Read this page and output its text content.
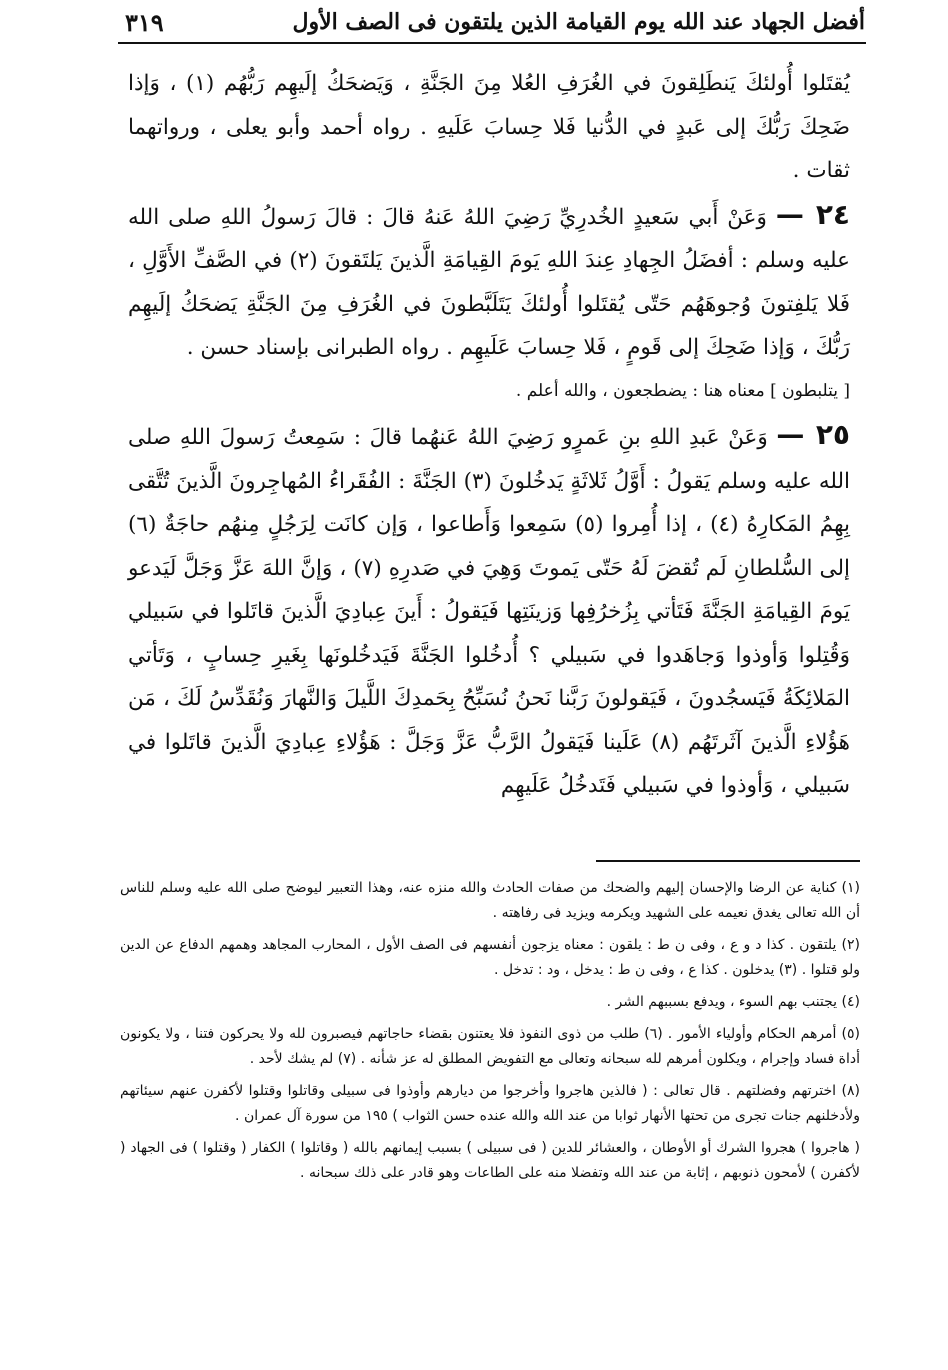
أفضل الجهاد عند الله يوم القيامة الذين يلتقون فى الصف الأول
٣١٩

يُقتَلوا أُولئكَ يَنطَلِقونَ في الغُرَفِ العُلا مِنَ الجَنَّةِ ، وَيَضحَكُ إلَيهِم رَبُّهُم (١) ، وَإذا ضَحِكَ رَبُّكَ إلى عَبدٍ في الدُّنيا فَلا حِسابَ عَلَيهِ . رواه أحمد وأبو يعلى ، ورواتهما ثقات .

٢٤ — وَعَنْ أَبي سَعيدٍ الخُدرِيِّ رَضِيَ اللهُ عَنهُ قالَ : قالَ رَسولُ اللهِ صلى الله عليه وسلم : أفضَلُ الجِهادِ عِندَ اللهِ يَومَ القِيامَةِ الَّذينَ يَلتَقونَ (٢) في الصَّفِّ الأَوَّلِ ، فَلا يَلفِتونَ وُجوهَهُم حَتّى يُقتَلوا أُولئكَ يَتَلَبَّطونَ في الغُرَفِ مِنَ الجَنَّةِ يَضحَكُ إلَيهِم رَبُّكَ ، وَإذا ضَحِكَ إلى قَومٍ ، فَلا حِسابَ عَلَيهِم . رواه الطبرانى بإسناد حسن .

[ يتلبطون ] معناه هنا : يضطجعون ، والله أعلم .

٢٥ — وَعَنْ عَبدِ اللهِ بنِ عَمرٍو رَضِيَ اللهُ عَنهُما قالَ : سَمِعتُ رَسولَ اللهِ صلى الله عليه وسلم يَقولُ : أَوَّلُ ثَلاثَةٍ يَدخُلونَ (٣) الجَنَّةَ : الفُقَراءُ المُهاجِرونَ الَّذينَ تُتَّقى بِهِمُ المَكارِهُ (٤) ، إذا أُمِروا (٥) سَمِعوا وَأَطاعوا ، وَإن كانَت لِرَجُلٍ مِنهُم حاجَةٌ (٦) إلى السُّلطانِ لَم تُقضَ لَهُ حَتّى يَموتَ وَهِيَ في صَدرِهِ (٧) ، وَإنَّ اللهَ عَزَّ وَجَلَّ لَيَدعو يَومَ القِيامَةِ الجَنَّةَ فَتَأتي بِزُخرُفِها وَزينَتِها فَيَقولُ : أَينَ عِبادِيَ الَّذينَ قاتَلوا في سَبيلي وَقُتِلوا وَأوذوا وَجاهَدوا في سَبيلي ؟ أُدخُلوا الجَنَّةَ فَيَدخُلونَها بِغَيرِ حِسابٍ ، وَتَأتي المَلائِكَةُ فَيَسجُدونَ ، فَيَقولونَ رَبَّنا نَحنُ نُسَبِّحُ بِحَمدِكَ اللَّيلَ وَالنَّهارَ وَنُقَدِّسُ لَكَ ، مَن هَؤُلاءِ الَّذينَ آثَرتَهُم (٨) عَلَينا فَيَقولُ الرَّبُّ عَزَّ وَجَلَّ : هَؤُلاءِ عِبادِيَ الَّذينَ قاتَلوا في سَبيلي ، وَأوذوا في سَبيلي فَتَدخُلُ عَلَيهِم

(١) كناية عن الرضا والإحسان إليهم والضحك من صفات الحادث والله منزه عنه، وهذا التعبير ليوضح صلى الله عليه وسلم للناس أن الله تعالى يغدق نعيمه على الشهيد ويكرمه ويزيد فى رفاهته .

(٢) يلتقون . كذا د و ع ، وفى ن ط : يلقون : معناه يزجون أنفسهم فى الصف الأول ، المحارب المجاهد وهمهم الدفاع عن الدين ولو قتلوا . (٣) يدخلون . كذا ع ، وفى ن ط : يدخل ، ود : تدخل .

(٤) يجتنب بهم السوء ، ويدفع بسببهم الشر .

(٥) أمرهم الحكام وأولياء الأمور . (٦) طلب من ذوى النفوذ فلا يعتنون بقضاء حاجاتهم فيصبرون لله ولا يحركون فتنا ، ولا يكونون أداة فساد وإجرام ، ويكلون أمرهم لله سبحانه وتعالى مع التفويض المطلق له عز شأنه . (٧) لم يشك لأحد .

(٨) اخترتهم وفضلتهم . قال تعالى : ( فالذين هاجروا وأخرجوا من ديارهم وأوذوا فى سبيلى وقاتلوا وقتلوا لأكفرن عنهم سيئاتهم ولأدخلنهم جنات تجرى من تحتها الأنهار ثوابا من عند الله والله عنده حسن الثواب ) ١٩٥ من سورة آل عمران .

( هاجروا ) هجروا الشرك أو الأوطان ، والعشائر للدين ( فى سبيلى ) بسبب إيمانهم بالله ( وقاتلوا ) الكفار ( وقتلوا ) فى الجهاد ( لأكفرن ) لأمحون ذنوبهم ، إثابة من عند الله وتفضلا منه على الطاعات وهو قادر على ذلك سبحانه .
